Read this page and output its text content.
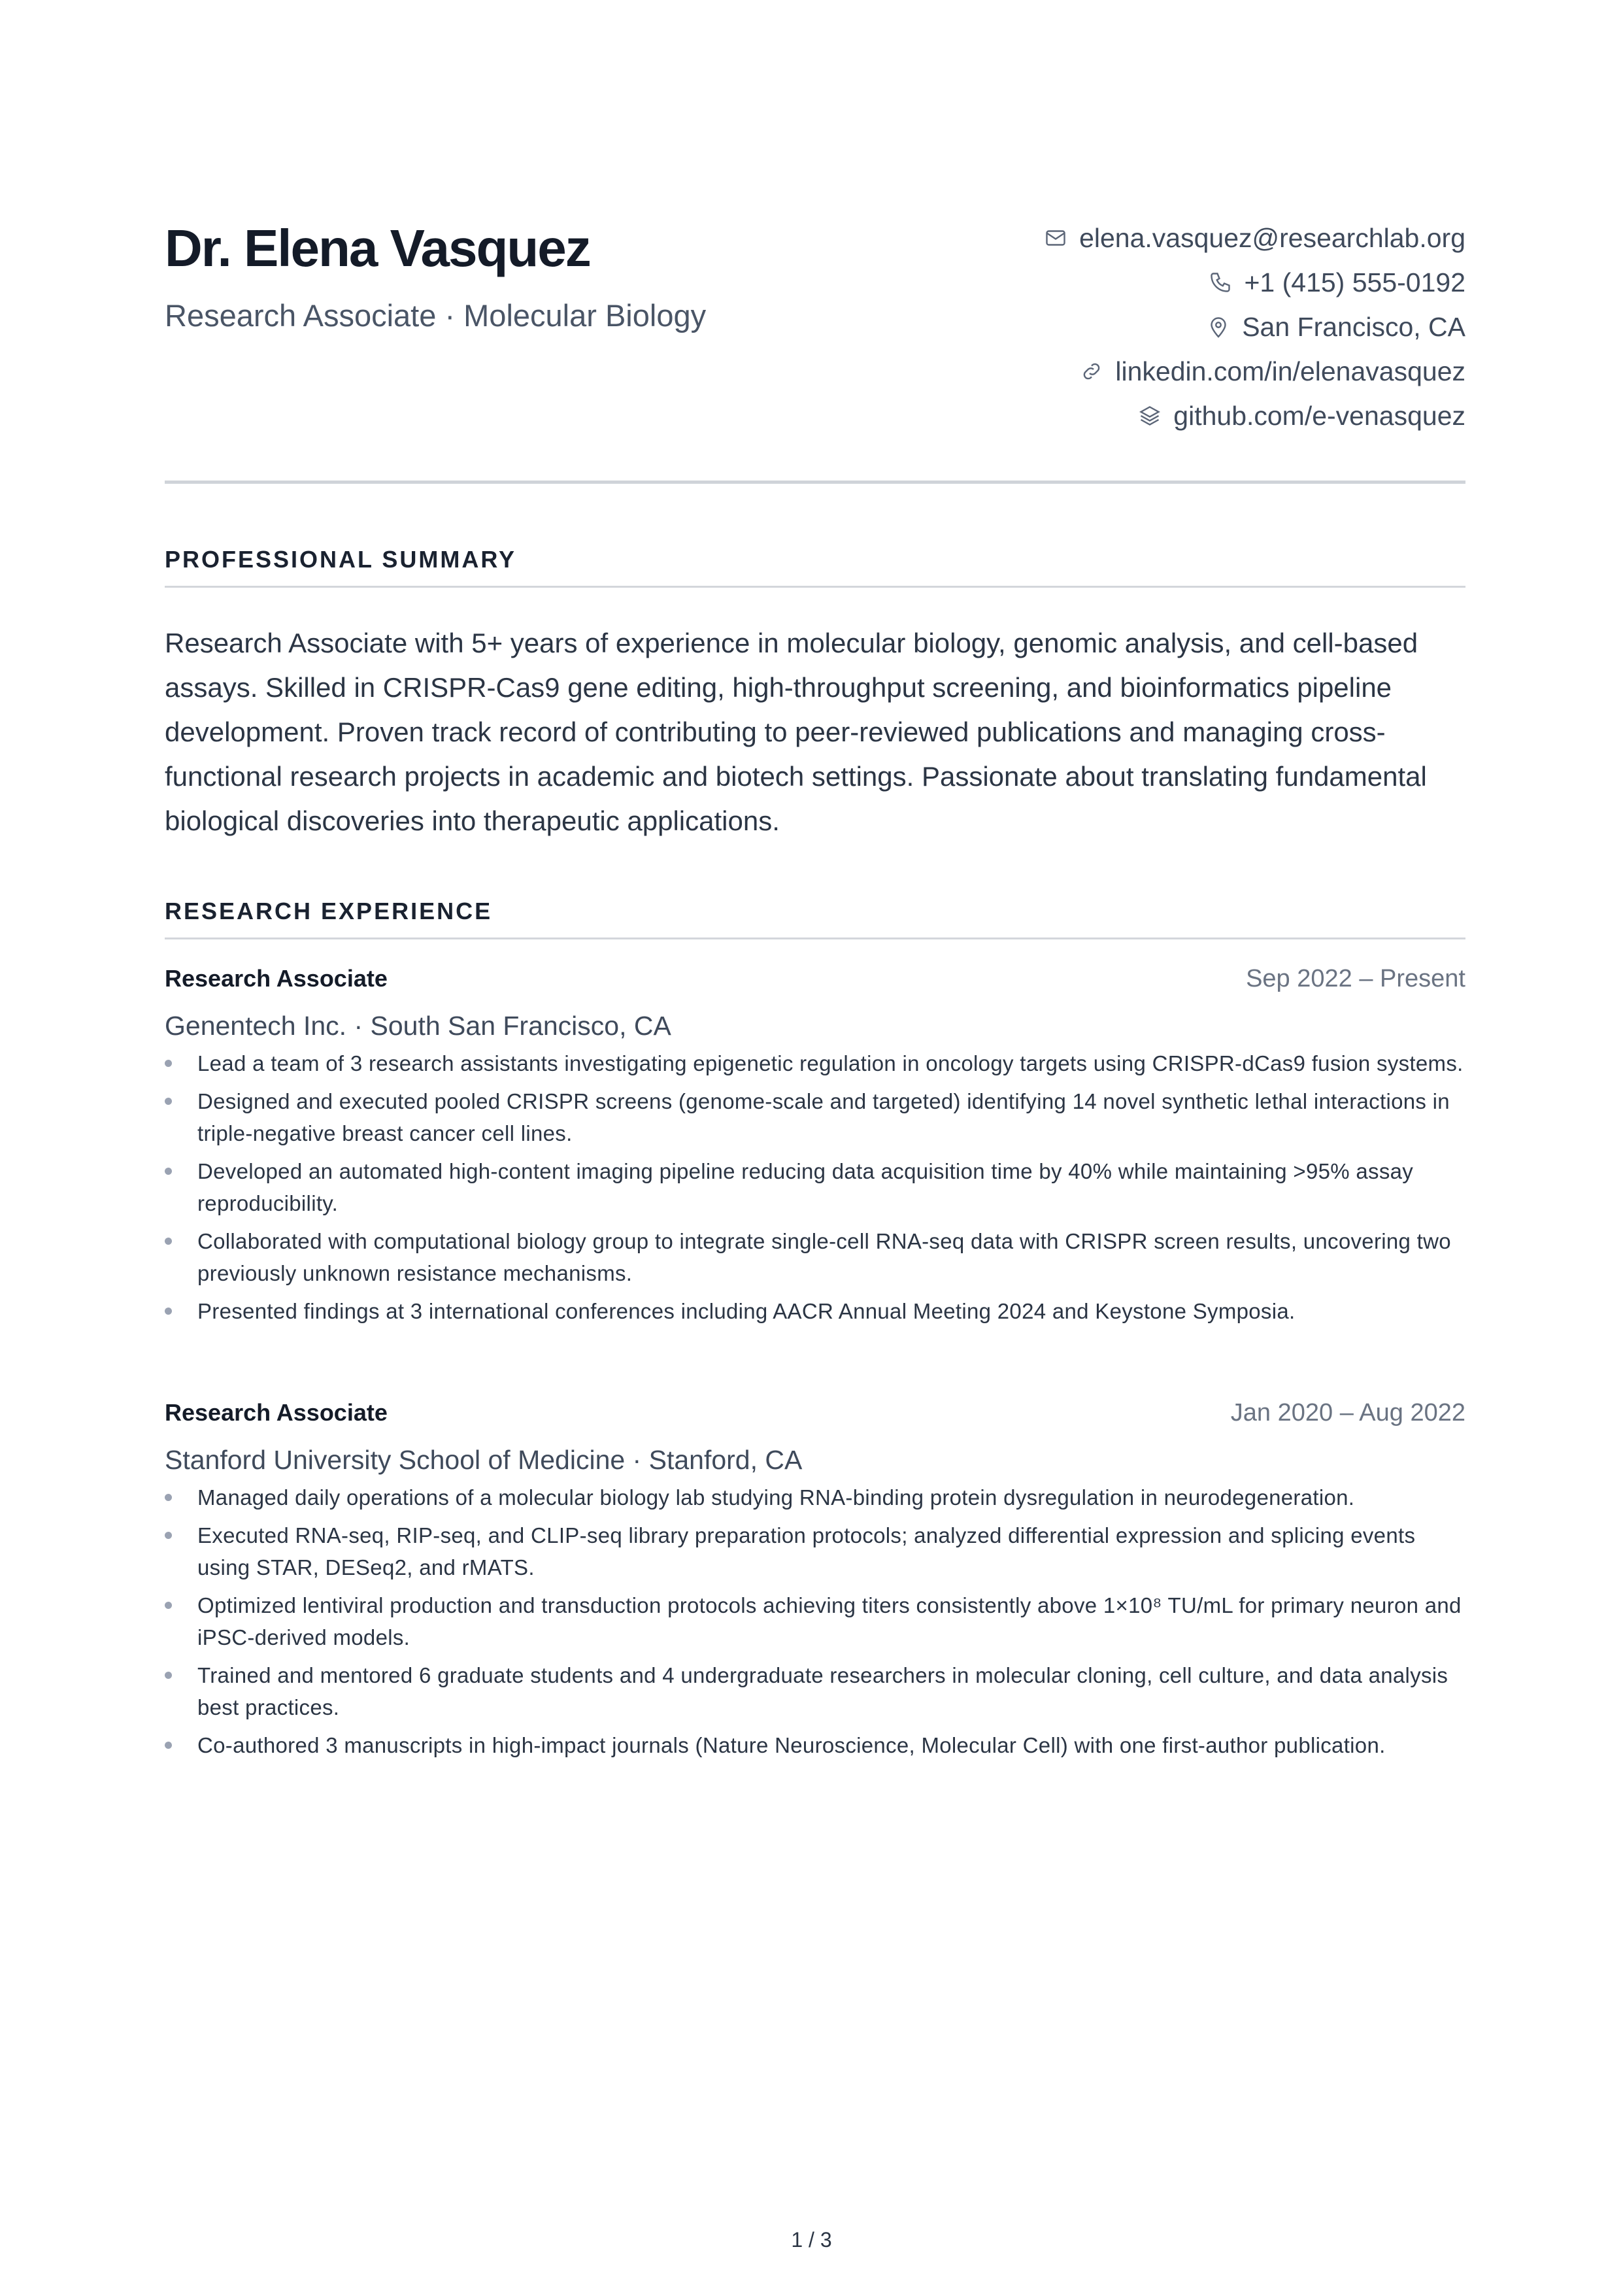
Dr. Elena Vasquez
Research Associate · Molecular Biology
elena.vasquez@researchlab.org
+1 (415) 555-0192
San Francisco, CA
linkedin.com/in/elenavasquez
github.com/e-venasquez
PROFESSIONAL SUMMARY
Research Associate with 5+ years of experience in molecular biology, genomic analysis, and cell-based assays. Skilled in CRISPR-Cas9 gene editing, high-throughput screening, and bioinformatics pipeline development. Proven track record of contributing to peer-reviewed publications and managing cross-functional research projects in academic and biotech settings. Passionate about translating fundamental biological discoveries into therapeutic applications.
RESEARCH EXPERIENCE
Research Associate	Sep 2022 – Present
Genentech Inc. · South San Francisco, CA
Lead a team of 3 research assistants investigating epigenetic regulation in oncology targets using CRISPR-dCas9 fusion systems.
Designed and executed pooled CRISPR screens (genome-scale and targeted) identifying 14 novel synthetic lethal interactions in triple-negative breast cancer cell lines.
Developed an automated high-content imaging pipeline reducing data acquisition time by 40% while maintaining >95% assay reproducibility.
Collaborated with computational biology group to integrate single-cell RNA-seq data with CRISPR screen results, uncovering two previously unknown resistance mechanisms.
Presented findings at 3 international conferences including AACR Annual Meeting 2024 and Keystone Symposia.
Research Associate	Jan 2020 – Aug 2022
Stanford University School of Medicine · Stanford, CA
Managed daily operations of a molecular biology lab studying RNA-binding protein dysregulation in neurodegeneration.
Executed RNA-seq, RIP-seq, and CLIP-seq library preparation protocols; analyzed differential expression and splicing events using STAR, DESeq2, and rMATS.
Optimized lentiviral production and transduction protocols achieving titers consistently above 1×10⁸ TU/mL for primary neuron and iPSC-derived models.
Trained and mentored 6 graduate students and 4 undergraduate researchers in molecular cloning, cell culture, and data analysis best practices.
Co-authored 3 manuscripts in high-impact journals (Nature Neuroscience, Molecular Cell) with one first-author publication.
1 / 3
